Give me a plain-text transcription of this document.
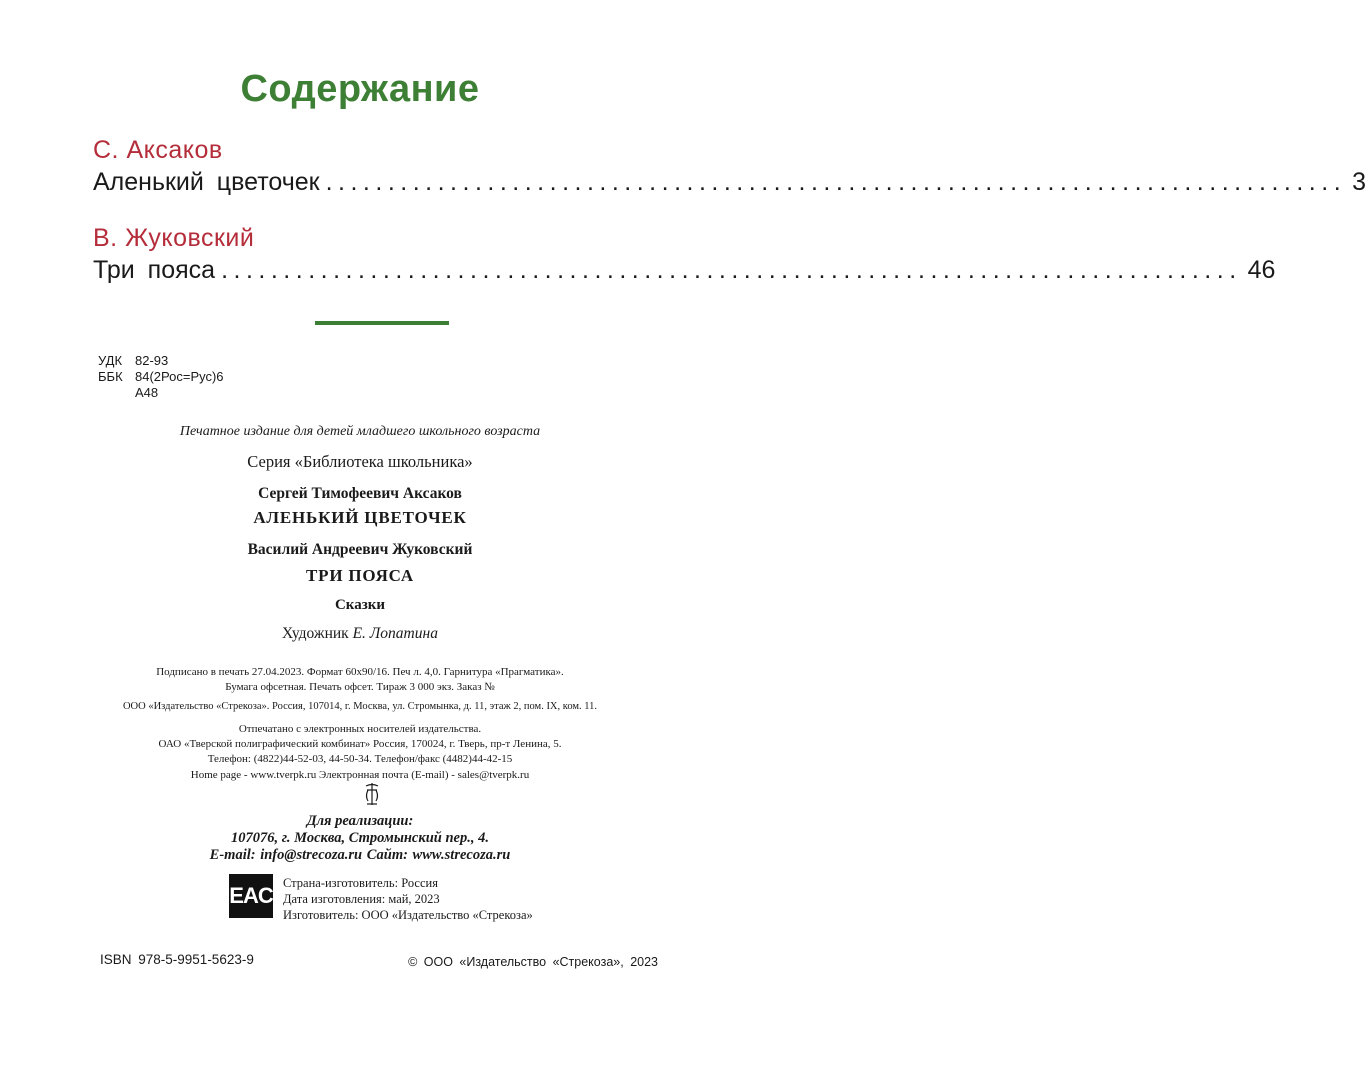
Содержание
С. Аксаков
Аленький цветочек .................................................................................. 3
В. Жуковский
Три пояса .................................................................................. 46
УДК 82-93
ББК 84(2Рос=Рус)6
А48
Печатное издание для детей младшего школьного возраста
Серия «Библиотека школьника»
Сергей Тимофеевич Аксаков
АЛЕНЬКИЙ ЦВЕТОЧЕК
Василий Андреевич Жуковский
ТРИ ПОЯСА
Сказки
Художник Е. Лопатина
Подписано в печать 27.04.2023. Формат 60х90/16. Печ л. 4,0. Гарнитура «Прагматика».
Бумага офсетная. Печать офсет. Тираж 3 000 экз. Заказ №
ООО «Издательство «Стрекоза». Россия, 107014, г. Москва, ул. Стромынка, д. 11, этаж 2, пом. IX, ком. 11.
Отпечатано с электронных носителей издательства.
ОАО «Тверской полиграфический комбинат» Россия, 170024, г. Тверь, пр-т Ленина, 5.
Телефон: (4822)44-52-03, 44-50-34. Телефон/факс (4482)44-42-15
Home page - www.tverpk.ru Электронная почта (E-mail) - sales@tverpk.ru
Для реализации:
107076, г. Москва, Стромынский пер., 4.
E-mail: info@strecoza.ru Сайт: www.strecoza.ru
EAC Страна-изготовитель: Россия
Дата изготовления: май, 2023
Изготовитель: ООО «Издательство «Стрекоза»
ISBN 978-5-9951-5623-9	© ООО «Издательство «Стрекоза», 2023
